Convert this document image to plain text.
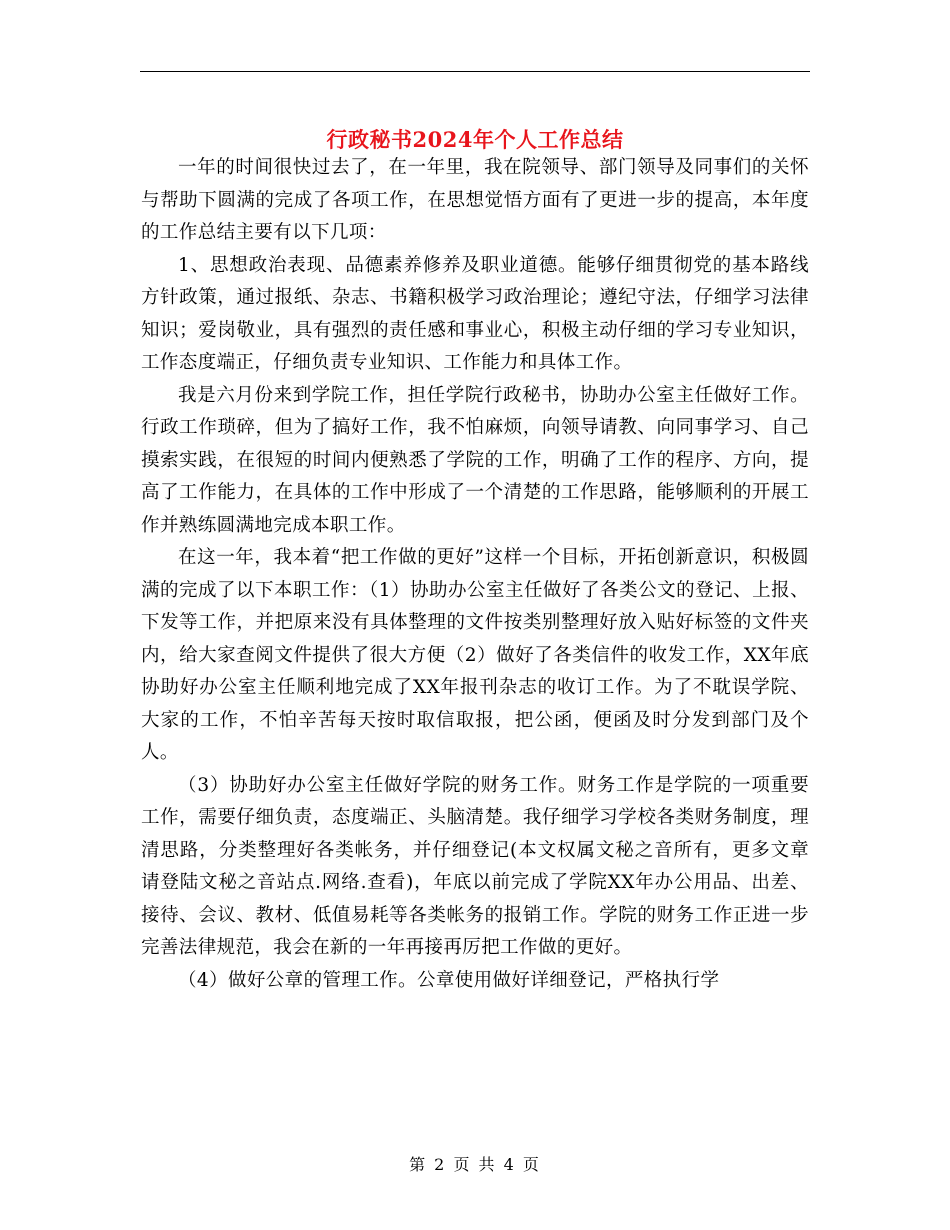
行政秘书2024年个人工作总结

一年的时间很快过去了，在一年里，我在院领导、部门领导及同事们的关怀与帮助下圆满的完成了各项工作，在思想觉悟方面有了更进一步的提高，本年度的工作总结主要有以下几项：

1、思想政治表现、品德素养修养及职业道德。能够仔细贯彻党的基本路线方针政策，通过报纸、杂志、书籍积极学习政治理论；遵纪守法，仔细学习法律知识；爱岗敬业，具有强烈的责任感和事业心，积极主动仔细的学习专业知识，工作态度端正，仔细负责专业知识、工作能力和具体工作。

我是六月份来到学院工作，担任学院行政秘书，协助办公室主任做好工作。行政工作琐碎，但为了搞好工作，我不怕麻烦，向领导请教、向同事学习、自己摸索实践，在很短的时间内便熟悉了学院的工作，明确了工作的程序、方向，提高了工作能力，在具体的工作中形成了一个清楚的工作思路，能够顺利的开展工作并熟练圆满地完成本职工作。

在这一年，我本着“把工作做的更好”这样一个目标，开拓创新意识，积极圆满的完成了以下本职工作：（1）协助办公室主任做好了各类公文的登记、上报、下发等工作，并把原来没有具体整理的文件按类别整理好放入贴好标签的文件夹内，给大家查阅文件提供了很大方便（2）做好了各类信件的收发工作，XX年底协助好办公室主任顺利地完成了XX年报刊杂志的收订工作。为了不耽误学院、大家的工作，不怕辛苦每天按时取信取报，把公函，便函及时分发到部门及个人。

（3）协助好办公室主任做好学院的财务工作。财务工作是学院的一项重要工作，需要仔细负责，态度端正、头脑清楚。我仔细学习学校各类财务制度，理清思路，分类整理好各类帐务，并仔细登记(本文权属文秘之音所有，更多文章请登陆文秘之音站点.网络.查看)，年底以前完成了学院XX年办公用品、出差、接待、会议、教材、低值易耗等各类帐务的报销工作。学院的财务工作正进一步完善法律规范，我会在新的一年再接再厉把工作做的更好。

（4）做好公章的管理工作。公章使用做好详细登记，严格执行学

第 2 页 共 4 页
